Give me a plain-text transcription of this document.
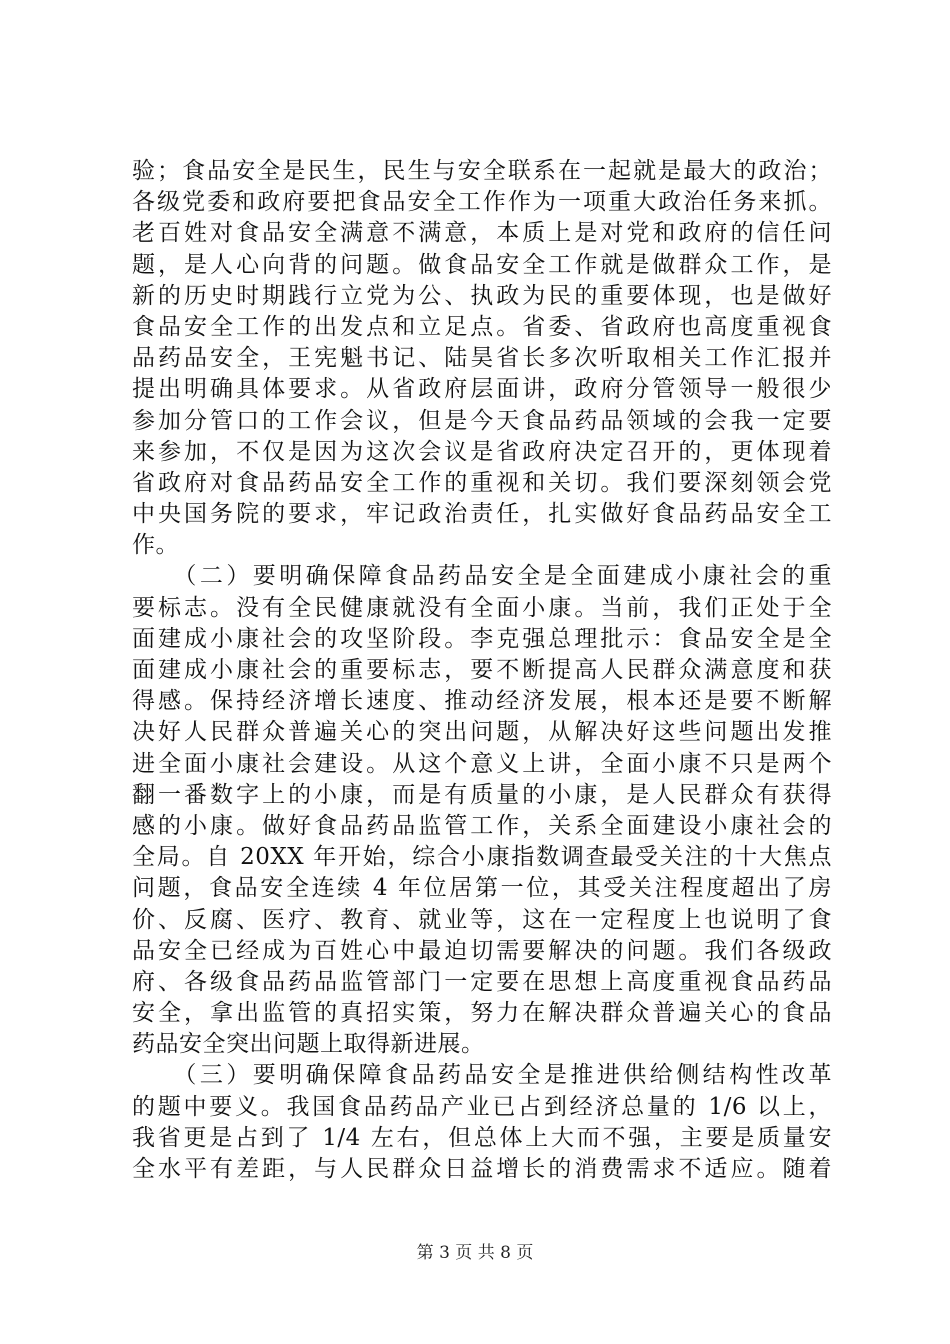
验；食品安全是民生，民生与安全联系在一起就是最大的政治；
各级党委和政府要把食品安全工作作为一项重大政治任务来抓。
老百姓对食品安全满意不满意，本质上是对党和政府的信任问
题，是人心向背的问题。做食品安全工作就是做群众工作，是
新的历史时期践行立党为公、执政为民的重要体现，也是做好
食品安全工作的出发点和立足点。省委、省政府也高度重视食
品药品安全，王宪魁书记、陆昊省长多次听取相关工作汇报并
提出明确具体要求。从省政府层面讲，政府分管领导一般很少
参加分管口的工作会议，但是今天食品药品领域的会我一定要
来参加，不仅是因为这次会议是省政府决定召开的，更体现着
省政府对食品药品安全工作的重视和关切。我们要深刻领会党
中央国务院的要求，牢记政治责任，扎实做好食品药品安全工
作。
　　（二）要明确保障食品药品安全是全面建成小康社会的重
要标志。没有全民健康就没有全面小康。当前，我们正处于全
面建成小康社会的攻坚阶段。李克强总理批示：食品安全是全
面建成小康社会的重要标志，要不断提高人民群众满意度和获
得感。保持经济增长速度、推动经济发展，根本还是要不断解
决好人民群众普遍关心的突出问题，从解决好这些问题出发推
进全面小康社会建设。从这个意义上讲，全面小康不只是两个
翻一番数字上的小康，而是有质量的小康，是人民群众有获得
感的小康。做好食品药品监管工作，关系全面建设小康社会的
全局。自 20XX 年开始，综合小康指数调查最受关注的十大焦点
问题，食品安全连续 4 年位居第一位，其受关注程度超出了房
价、反腐、医疗、教育、就业等，这在一定程度上也说明了食
品安全已经成为百姓心中最迫切需要解决的问题。我们各级政
府、各级食品药品监管部门一定要在思想上高度重视食品药品
安全，拿出监管的真招实策，努力在解决群众普遍关心的食品
药品安全突出问题上取得新进展。
　　（三）要明确保障食品药品安全是推进供给侧结构性改革
的题中要义。我国食品药品产业已占到经济总量的 1/6 以上，
我省更是占到了 1/4 左右，但总体上大而不强，主要是质量安
全水平有差距，与人民群众日益增长的消费需求不适应。随着
第 3 页 共 8 页
